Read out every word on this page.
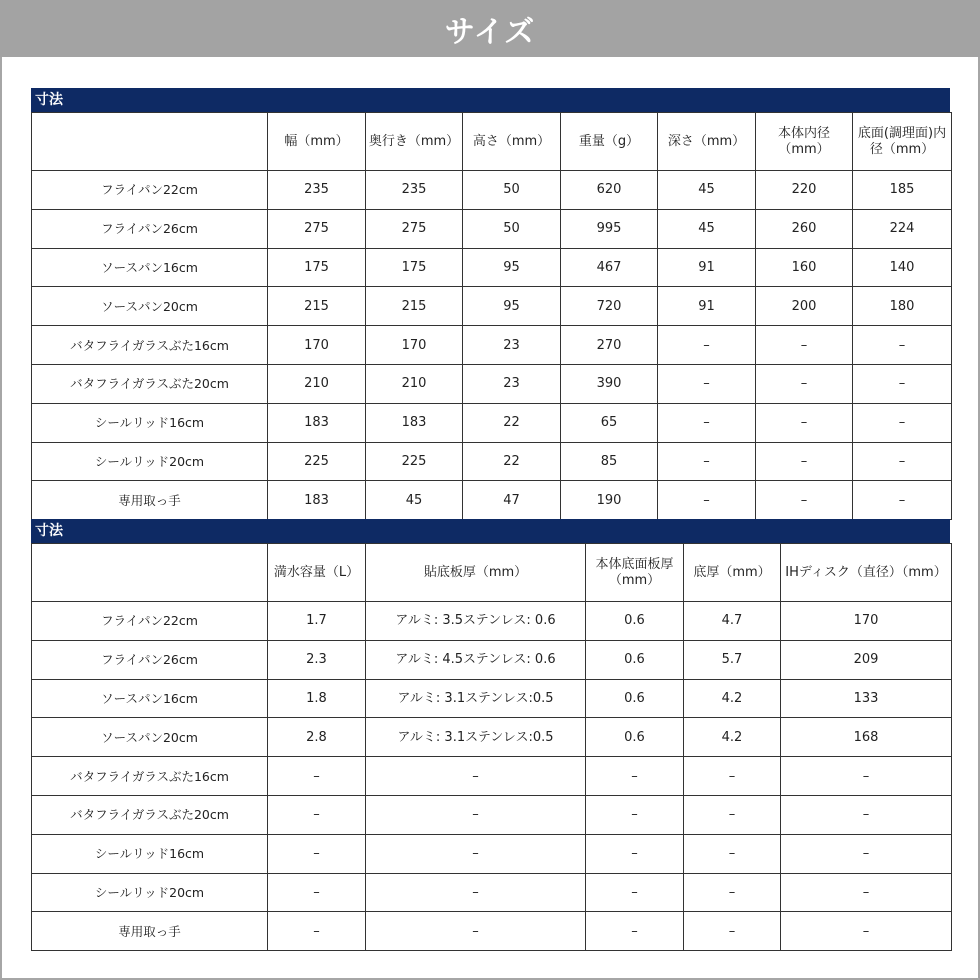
サイズ
寸法
	幅（mm）	奥行き（mm）	高さ（mm）	重量（g）	深さ（mm）	本体内径（mm）	底面(調理面)内径（mm）
フライパン22cm	235	235	50	620	45	220	185
フライパン26cm	275	275	50	995	45	260	224
ソースパン16cm	175	175	95	467	91	160	140
ソースパン20cm	215	215	95	720	91	200	180
バタフライガラスぶた16cm	170	170	23	270	–	–	–
バタフライガラスぶた20cm	210	210	23	390	–	–	–
シールリッド16cm	183	183	22	65	–	–	–
シールリッド20cm	225	225	22	85	–	–	–
専用取っ手	183	45	47	190	–	–	–
寸法
	満水容量（L）	貼底板厚（mm）	本体底面板厚（mm）	底厚（mm）	IHディスク（直径）（mm）
フライパン22cm	1.7	アルミ: 3.5ステンレス: 0.6	0.6	4.7	170
フライパン26cm	2.3	アルミ: 4.5ステンレス: 0.6	0.6	5.7	209
ソースパン16cm	1.8	アルミ: 3.1ステンレス:0.5	0.6	4.2	133
ソースパン20cm	2.8	アルミ: 3.1ステンレス:0.5	0.6	4.2	168
バタフライガラスぶた16cm	–	–	–	–	–
バタフライガラスぶた20cm	–	–	–	–	–
シールリッド16cm	–	–	–	–	–
シールリッド20cm	–	–	–	–	–
専用取っ手	–	–	–	–	–
